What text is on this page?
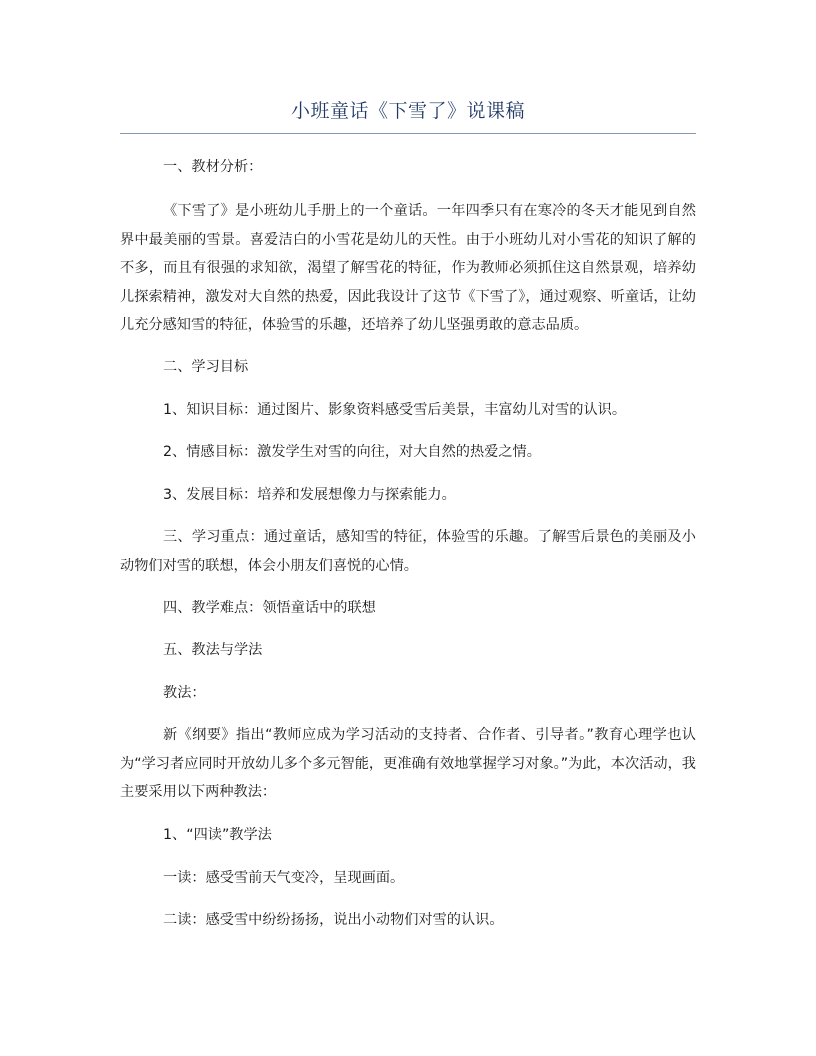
小班童话《下雪了》说课稿

一、教材分析：

《下雪了》是小班幼儿手册上的一个童话。一年四季只有在寒冷的冬天才能见到自然界中最美丽的雪景。喜爱洁白的小雪花是幼儿的天性。由于小班幼儿对小雪花的知识了解的不多，而且有很强的求知欲，渴望了解雪花的特征，作为教师必须抓住这自然景观，培养幼儿探索精神，激发对大自然的热爱，因此我设计了这节《下雪了》，通过观察、听童话，让幼儿充分感知雪的特征，体验雪的乐趣，还培养了幼儿坚强勇敢的意志品质。

二、学习目标

1、知识目标：通过图片、影象资料感受雪后美景，丰富幼儿对雪的认识。

2、情感目标：激发学生对雪的向往，对大自然的热爱之情。

3、发展目标：培养和发展想像力与探索能力。

三、学习重点：通过童话，感知雪的特征，体验雪的乐趣。了解雪后景色的美丽及小动物们对雪的联想，体会小朋友们喜悦的心情。

四、教学难点：领悟童话中的联想

五、教法与学法

教法：

新《纲要》指出“教师应成为学习活动的支持者、合作者、引导者。”教育心理学也认为“学习者应同时开放幼儿多个多元智能，更准确有效地掌握学习对象。”为此，本次活动，我主要采用以下两种教法：

1、“四读”教学法

一读：感受雪前天气变冷，呈现画面。

二读：感受雪中纷纷扬扬，说出小动物们对雪的认识。
